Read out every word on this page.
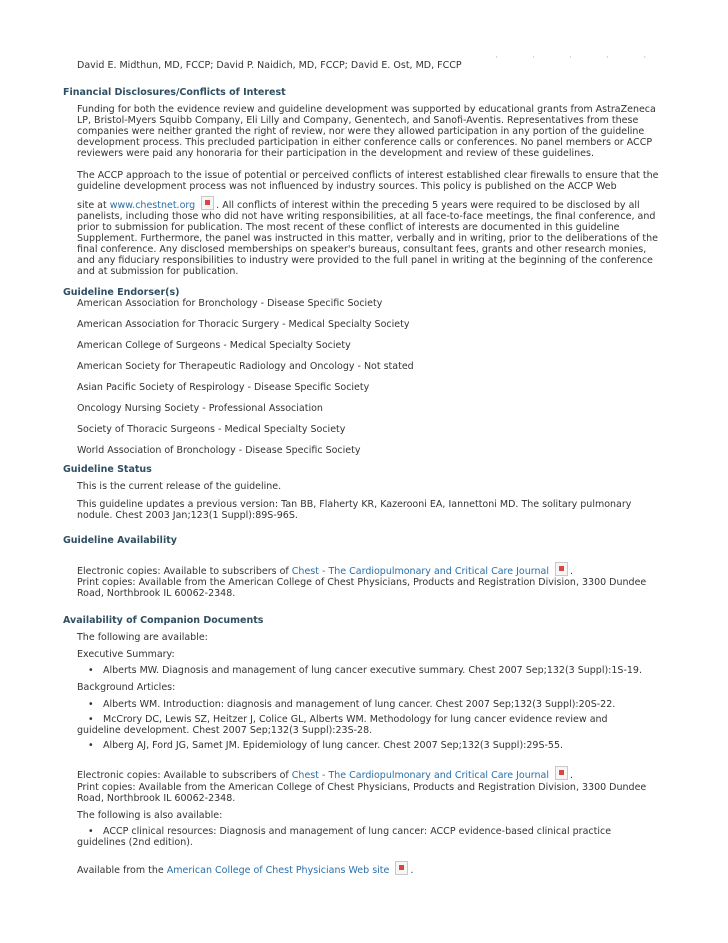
· · · · ·
David E. Midthun, MD, FCCP; David P. Naidich, MD, FCCP; David E. Ost, MD, FCCP
Financial Disclosures/Conflicts of Interest
Funding for both the evidence review and guideline development was supported by educational grants from AstraZeneca LP, Bristol-Myers Squibb Company, Eli Lilly and Company, Genentech, and Sanofi-Aventis. Representatives from these companies were neither granted the right of review, nor were they allowed participation in any portion of the guideline development process. This precluded participation in either conference calls or conferences. No panel members or ACCP reviewers were paid any honoraria for their participation in the development and review of these guidelines.
The ACCP approach to the issue of potential or perceived conflicts of interest established clear firewalls to ensure that the guideline development process was not influenced by industry sources. This policy is published on the ACCP Web
site at www.chestnet.org . All conflicts of interest within the preceding 5 years were required to be disclosed by all panelists, including those who did not have writing responsibilities, at all face-to-face meetings, the final conference, and prior to submission for publication. The most recent of these conflict of interests are documented in this guideline Supplement. Furthermore, the panel was instructed in this matter, verbally and in writing, prior to the deliberations of the final conference. Any disclosed memberships on speaker's bureaus, consultant fees, grants and other research monies, and any fiduciary responsibilities to industry were provided to the full panel in writing at the beginning of the conference and at submission for publication.
Guideline Endorser(s)
American Association for Bronchology - Disease Specific Society
American Association for Thoracic Surgery - Medical Specialty Society
American College of Surgeons - Medical Specialty Society
American Society for Therapeutic Radiology and Oncology - Not stated
Asian Pacific Society of Respirology - Disease Specific Society
Oncology Nursing Society - Professional Association
Society of Thoracic Surgeons - Medical Specialty Society
World Association of Bronchology - Disease Specific Society
Guideline Status
This is the current release of the guideline.
This guideline updates a previous version: Tan BB, Flaherty KR, Kazerooni EA, Iannettoni MD. The solitary pulmonary nodule. Chest 2003 Jan;123(1 Suppl):89S-96S.
Guideline Availability
Electronic copies: Available to subscribers of Chest - The Cardiopulmonary and Critical Care Journal .
Print copies: Available from the American College of Chest Physicians, Products and Registration Division, 3300 Dundee Road, Northbrook IL 60062-2348.
Availability of Companion Documents
The following are available:
Executive Summary:
• Alberts MW. Diagnosis and management of lung cancer executive summary. Chest 2007 Sep;132(3 Suppl):1S-19.
Background Articles:
• Alberts WM. Introduction: diagnosis and management of lung cancer. Chest 2007 Sep;132(3 Suppl):20S-22.
• McCrory DC, Lewis SZ, Heitzer J, Colice GL, Alberts WM. Methodology for lung cancer evidence review and
guideline development. Chest 2007 Sep;132(3 Suppl):23S-28.
• Alberg AJ, Ford JG, Samet JM. Epidemiology of lung cancer. Chest 2007 Sep;132(3 Suppl):29S-55.
Electronic copies: Available to subscribers of Chest - The Cardiopulmonary and Critical Care Journal .
Print copies: Available from the American College of Chest Physicians, Products and Registration Division, 3300 Dundee Road, Northbrook IL 60062-2348.
The following is also available:
• ACCP clinical resources: Diagnosis and management of lung cancer: ACCP evidence-based clinical practice
guidelines (2nd edition).
Available from the American College of Chest Physicians Web site .
